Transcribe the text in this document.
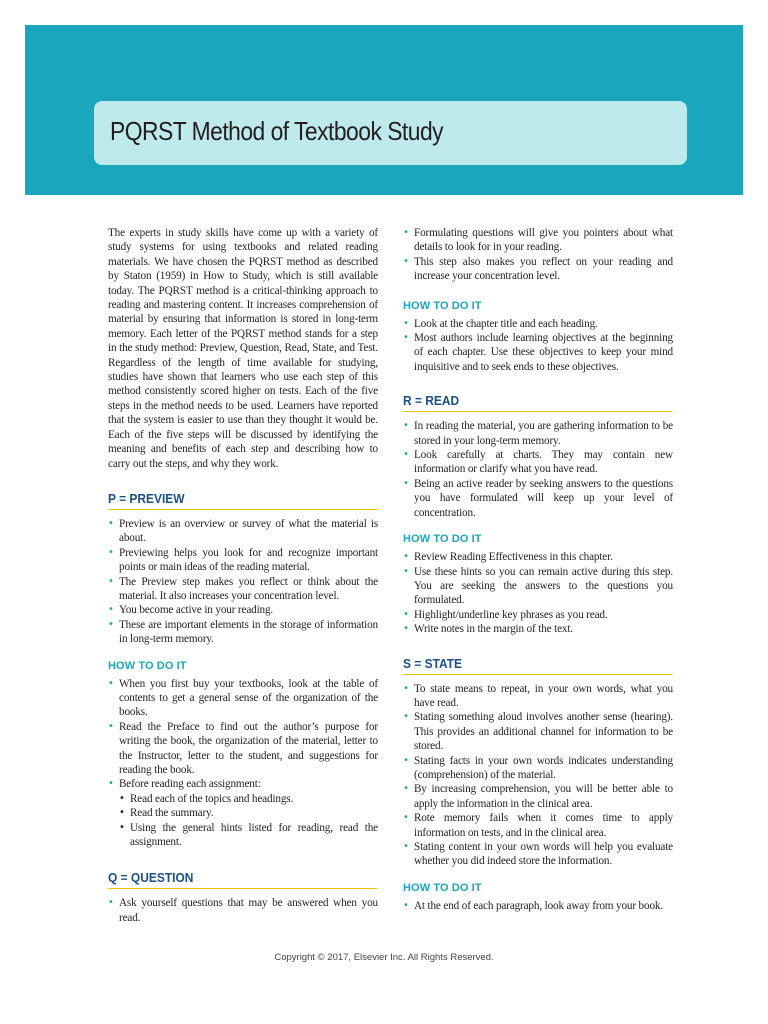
PQRST Method of Textbook Study

The experts in study skills have come up with a variety of study systems for using textbooks and related reading materials. We have chosen the PQRST method as described by Staton (1959) in How to Study, which is still available today. The PQRST method is a critical-thinking approach to reading and mastering content. It increases comprehension of material by ensuring that information is stored in long-term memory. Each letter of the PQRST method stands for a step in the study method: Preview, Question, Read, State, and Test. Regardless of the length of time available for studying, studies have shown that learners who use each step of this method consistently scored higher on tests. Each of the five steps in the method needs to be used. Learners have reported that the system is easier to use than they thought it would be. Each of the five steps will be discussed by identifying the meaning and benefits of each step and describing how to carry out the steps, and why they work.

P = PREVIEW
• Preview is an overview or survey of what the material is about.
• Previewing helps you look for and recognize important points or main ideas of the reading material.
• The Preview step makes you reflect or think about the material. It also increases your concentration level.
• You become active in your reading.
• These are important elements in the storage of information in long-term memory.
HOW TO DO IT
• When you first buy your textbooks, look at the table of contents to get a general sense of the organization of the books.
• Read the Preface to find out the author’s purpose for writing the book, the organization of the material, letter to the Instructor, letter to the student, and suggestions for reading the book.
• Before reading each assignment:
• Read each of the topics and headings.
• Read the summary.
• Using the general hints listed for reading, read the assignment.
Q = QUESTION
• Ask yourself questions that may be answered when you read.
• Formulating questions will give you pointers about what details to look for in your reading.
• This step also makes you reflect on your reading and increase your concentration level.
HOW TO DO IT
• Look at the chapter title and each heading.
• Most authors include learning objectives at the beginning of each chapter. Use these objectives to keep your mind inquisitive and to seek ends to these objectives.
R = READ
• In reading the material, you are gathering information to be stored in your long-term memory.
• Look carefully at charts. They may contain new information or clarify what you have read.
• Being an active reader by seeking answers to the questions you have formulated will keep up your level of concentration.
HOW TO DO IT
• Review Reading Effectiveness in this chapter.
• Use these hints so you can remain active during this step. You are seeking the answers to the questions you formulated.
• Highlight/underline key phrases as you read.
• Write notes in the margin of the text.
S = STATE
• To state means to repeat, in your own words, what you have read.
• Stating something aloud involves another sense (hearing). This provides an additional channel for information to be stored.
• Stating facts in your own words indicates understanding (comprehension) of the material.
• By increasing comprehension, you will be better able to apply the information in the clinical area.
• Rote memory fails when it comes time to apply information on tests, and in the clinical area.
• Stating content in your own words will help you evaluate whether you did indeed store the information.
HOW TO DO IT
• At the end of each paragraph, look away from your book.
Copyright © 2017, Elsevier Inc. All Rights Reserved.
